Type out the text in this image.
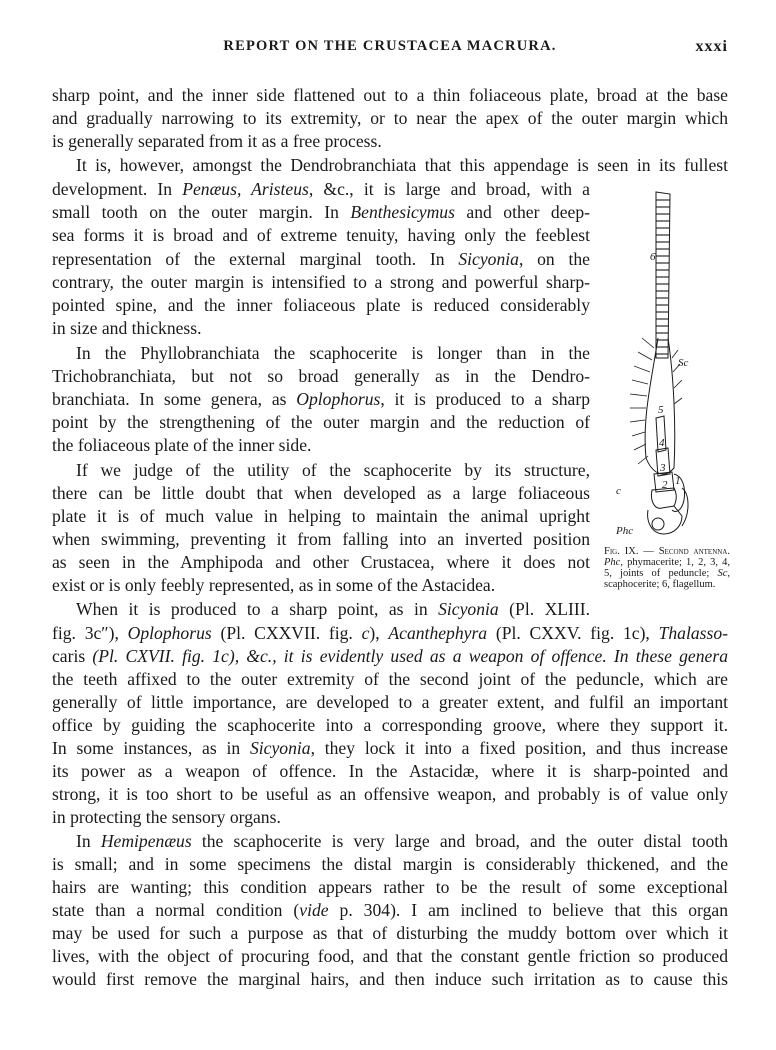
REPORT ON THE CRUSTACEA MACRURA.	xxxi
sharp point, and the inner side flattened out to a thin foliaceous plate, broad at the base
and gradually narrowing to its extremity, or to near the apex of the outer margin which
is generally separated from it as a free process.
It is, however, amongst the Dendrobranchiata that this appendage is seen in its fullest
development. In Penæus, Aristeus, &c., it is large and broad, with a
small tooth on the outer margin. In Benthesicymus and other deep-
sea forms it is broad and of extreme tenuity, having only the feeblest
representation of the external marginal tooth. In Sicyonia, on the
contrary, the outer margin is intensified to a strong and powerful sharp-
pointed spine, and the inner foliaceous plate is reduced considerably
in size and thickness.
In the Phyllobranchiata the scaphocerite is longer than in the
Trichobranchiata, but not so broad generally as in the Dendro-
branchiata. In some genera, as Oplophorus, it is produced to a sharp
point by the strengthening of the outer margin and the reduction of
the foliaceous plate of the inner side.
If we judge of the utility of the scaphocerite by its structure,
there can be little doubt that when developed as a large foliaceous
plate it is of much value in helping to maintain the animal upright
when swimming, preventing it from falling into an inverted position
as seen in the Amphipoda and other Crustacea, where it does not
exist or is only feebly represented, as in some of the Astacidea.
When it is produced to a sharp point, as in Sicyonia (Pl. XLIII.
fig. 3c″), Oplophorus (Pl. CXXVII. fig. c), Acanthephyra (Pl. CXXV. fig. 1c), Thalasso-
caris (Pl. CXVII. fig. 1c), &c., it is evidently used as a weapon of offence. In these genera
the teeth affixed to the outer extremity of the second joint of the peduncle, which are
generally of little importance, are developed to a greater extent, and fulfil an important
office by guiding the scaphocerite into a corresponding groove, where they support it.
In some instances, as in Sicyonia, they lock it into a fixed position, and thus increase
its power as a weapon of offence. In the Astacidæ, where it is sharp-pointed and
strong, it is too short to be useful as an offensive weapon, and probably is of value only
in protecting the sensory organs.
In Hemipenæus the scaphocerite is very large and broad, and the outer distal tooth
is small; and in some specimens the distal margin is considerably thickened, and the
hairs are wanting; this condition appears rather to be the result of some exceptional
state than a normal condition (vide p. 304). I am inclined to believe that this organ
may be used for such a purpose as that of disturbing the muddy bottom over which it
lives, with the object of procuring food, and that the constant gentle friction so produced
would first remove the marginal hairs, and then induce such irritation as to cause this
6
Sc
5
4
3
2 1
c
Phc
Fig. IX. — Second antenna. Phc, phymacerite; 1, 2, 3, 4, 5, joints of peduncle; Sc, scaphocerite; 6, flagellum.
